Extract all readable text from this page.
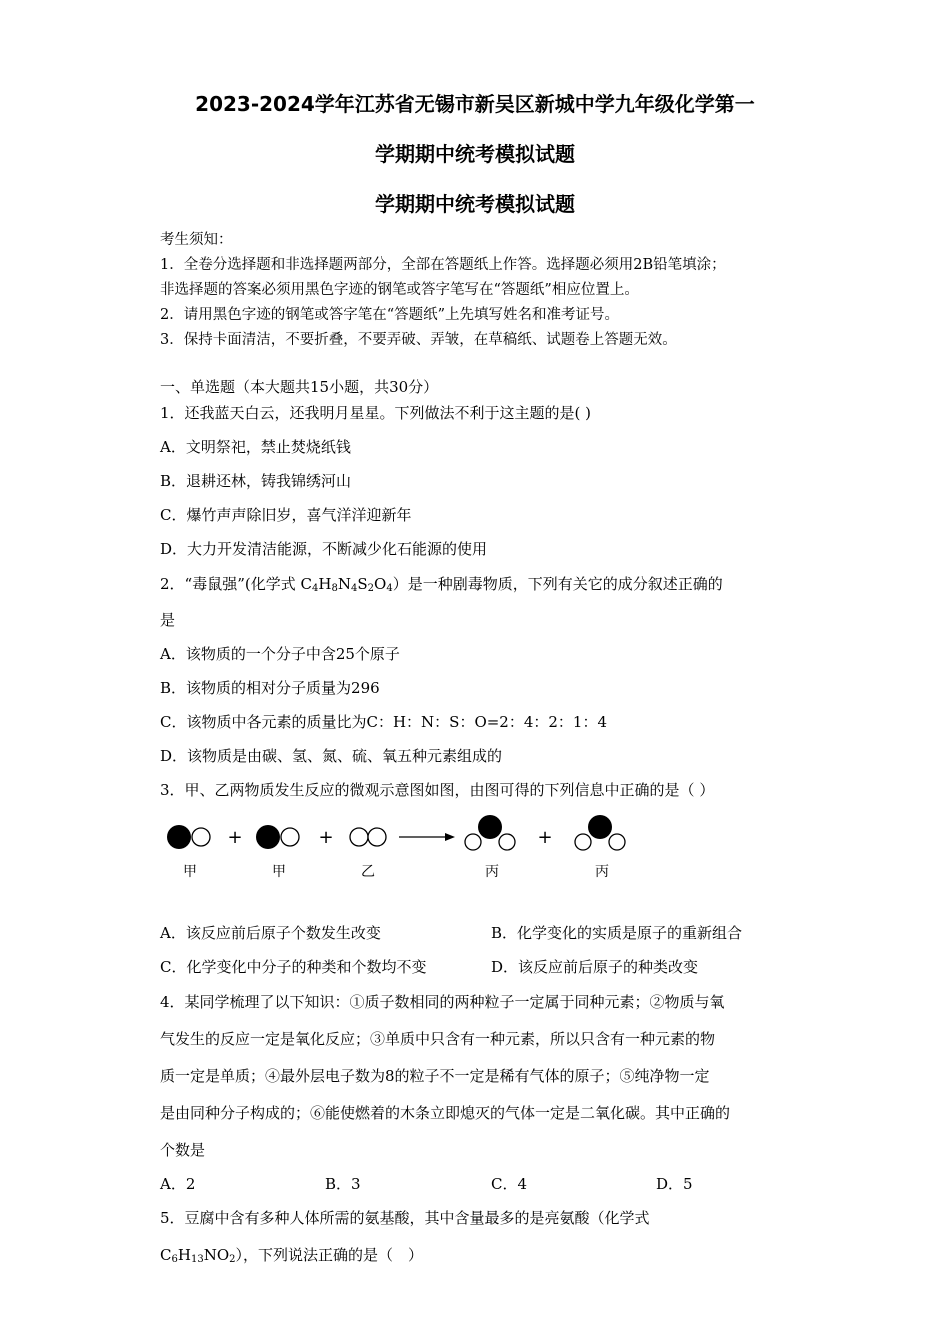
2023-2024学年江苏省无锡市新吴区新城中学九年级化学第一
学期期中统考模拟试题
学期期中统考模拟试题
考生须知：
1．全卷分选择题和非选择题两部分，全部在答题纸上作答。选择题必须用2B铅笔填涂；
非选择题的答案必须用黑色字迹的钢笔或答字笔写在“答题纸”相应位置上。
2．请用黑色字迹的钢笔或答字笔在“答题纸”上先填写姓名和准考证号。
3．保持卡面清洁，不要折叠，不要弄破、弄皱，在草稿纸、试题卷上答题无效。
一、单选题（本大题共15小题，共30分）
1．还我蓝天白云，还我明月星星。下列做法不利于这主题的是( )
A．文明祭祀，禁止焚烧纸钱
B．退耕还林，铸我锦绣河山
C．爆竹声声除旧岁，喜气洋洋迎新年
D．大力开发清洁能源，不断减少化石能源的使用
2．“毒鼠强”(化学式 $C_4H_8N_4S_2O_4$）是一种剧毒物质，下列有关它的成分叙述正确的
是
A．该物质的一个分子中含25个原子
B．该物质的相对分子质量为296
C．该物质中各元素的质量比为C：H：N：S：O=2：4：2：1：4
D．该物质是由碳、氢、氮、硫、氧五种元素组成的
3．甲、乙两物质发生反应的微观示意图如图，由图可得的下列信息中正确的是（ ）
+	+	+
甲	甲	乙	丙	丙
A．该反应前后原子个数发生改变	B．化学变化的实质是原子的重新组合
C．化学变化中分子的种类和个数均不变	D．该反应前后原子的种类改变
4．某同学梳理了以下知识：①质子数相同的两种粒子一定属于同种元素；②物质与氧
气发生的反应一定是氧化反应；③单质中只含有一种元素，所以只含有一种元素的物
质一定是单质；④最外层电子数为8的粒子不一定是稀有气体的原子；⑤纯净物一定
是由同种分子构成的；⑥能使燃着的木条立即熄灭的气体一定是二氧化碳。其中正确的
个数是
A．2	B．3	C．4	D．5
5．豆腐中含有多种人体所需的氨基酸，其中含量最多的是亮氨酸（化学式
$C_6H_{13}NO_2$），下列说法正确的是（　）
